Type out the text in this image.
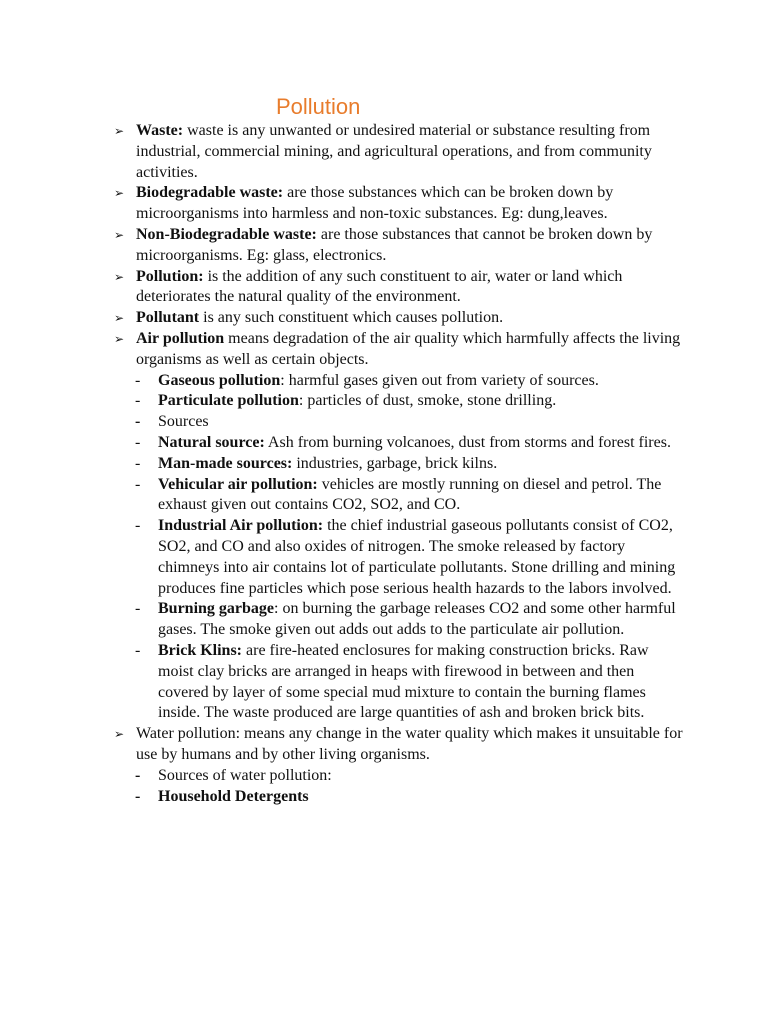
Pollution
➢ Waste: waste is any unwanted or undesired material or substance resulting from industrial, commercial mining, and agricultural operations, and from community activities.
➢ Biodegradable waste: are those substances which can be broken down by microorganisms into harmless and non-toxic substances. Eg: dung,leaves.
➢ Non-Biodegradable waste: are those substances that cannot be broken down by microorganisms. Eg: glass, electronics.
➢ Pollution: is the addition of any such constituent to air, water or land which deteriorates the natural quality of the environment.
➢ Pollutant is any such constituent which causes pollution.
➢ Air pollution means degradation of the air quality which harmfully affects the living organisms as well as certain objects.
- Gaseous pollution: harmful gases given out from variety of sources.
- Particulate pollution: particles of dust, smoke, stone drilling.
- Sources
- Natural source: Ash from burning volcanoes, dust from storms and forest fires.
- Man-made sources: industries, garbage, brick kilns.
- Vehicular air pollution: vehicles are mostly running on diesel and petrol. The exhaust given out contains CO2, SO2, and CO.
- Industrial Air pollution: the chief industrial gaseous pollutants consist of CO2, SO2, and CO and also oxides of nitrogen. The smoke released by factory chimneys into air contains lot of particulate pollutants. Stone drilling and mining produces fine particles which pose serious health hazards to the labors involved.
- Burning garbage: on burning the garbage releases CO2 and some other harmful gases. The smoke given out adds out adds to the particulate air pollution.
- Brick Klins: are fire-heated enclosures for making construction bricks. Raw moist clay bricks are arranged in heaps with firewood in between and then covered by layer of some special mud mixture to contain the burning flames inside. The waste produced are large quantities of ash and broken brick bits.
➢ Water pollution: means any change in the water quality which makes it unsuitable for use by humans and by other living organisms.
- Sources of water pollution:
- Household Detergents
